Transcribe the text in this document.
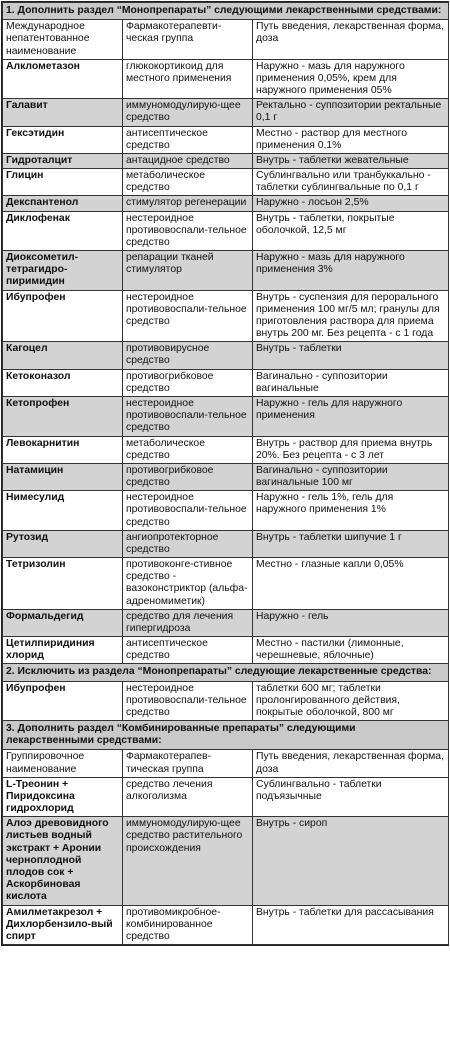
1. Дополнить раздел “Монопрепараты” следующими лекарственными средствами:		
Международное непатентованное наименование	Фармакотерапевти-ческая группа	Путь введения, лекарственная форма, доза
Алклометазон	глюкокортикоид для местного применения	Наружно - мазь для наружного применения 0,05%, крем для наружного применения 05%
Галавит	иммуномодулирую-щее средство	Ректально - суппозитории ректальные 0,1 г
Гексэтидин	антисептическое средство	Местно - раствор для местного применения 0,1%
Гидроталцит	антацидное средство	Внутрь - таблетки жевательные
Глицин	метаболическое средство	Сублингвально или транбуккально - таблетки сублингвальные по 0,1 г
Декспантенол	стимулятор регенерации	Наружно - лосьон 2,5%
Диклофенак	нестероидное противовоспали-тельное средство	Внутрь - таблетки, покрытые оболочкой, 12,5 мг
Диоксометил-тетрагидро-пиримидин	репарации тканей стимулятор	Наружно - мазь для наружного применения 3%
Ибупрофен	нестероидное противовоспали-тельное средство	Внутрь - суспензия для перорального применения 100 мг/5 мл; гранулы для приготовления раствора для приема внутрь 200 мг. Без рецепта - с 1 года
Кагоцел	противовирусное средство	Внутрь - таблетки
Кетоконазол	противогрибковое средство	Вагинально - суппозитории вагинальные
Кетопрофен	нестероидное противовоспали-тельное средство	Наружно - гель для наружного применения
Левокарнитин	метаболическое средство	Внутрь - раствор для приема внутрь 20%. Без рецепта - с 3 лет
Натамицин	противогрибковое средство	Вагинально - суппозитории вагинальные 100 мг
Нимесулид	нестероидное противовоспали-тельное средство	Наружно - гель 1%, гель для наружного применения 1%
Рутозид	ангиопротекторное средство	Внутрь - таблетки шипучие 1 г
Тетризолин	противоконге-стивное средство - вазоконстриктор (альфа-адреномиметик)	Местно - глазные капли 0,05%
Формальдегид	средство для лечения гипергидроза	Наружно - гель
Цетилпиридиния хлорид	антисептическое средство	Местно - пастилки (лимонные, черешневые, яблочные)
2. Исключить из раздела “Монопрепараты” следующие лекарственные средства:		
Ибупрофен	нестероидное противовоспали-тельное средство	таблетки 600 мг; таблетки пролонгированного действия, покрытые оболочкой, 800 мг
3. Дополнить раздел “Комбинированные препараты” следующими лекарственными средствами:		
Группировочное наименование	Фармакотерапев-тическая группа	Путь введения, лекарственная форма, доза
L-Треонин + Пиридоксина гидрохлорид	средство лечения алкоголизма	Сублингвально - таблетки подъязычные
Алоэ древовидного листьев водный экстракт + Аронии черноплодной плодов сок + Аскорбиновая кислота	иммуномодулирую-щее средство растительного происхождения	Внутрь - сироп
Амилметакрезол + Дихлорбензило-вый спирт	противомикробное-комбинированное средство	Внутрь - таблетки для рассасывания
